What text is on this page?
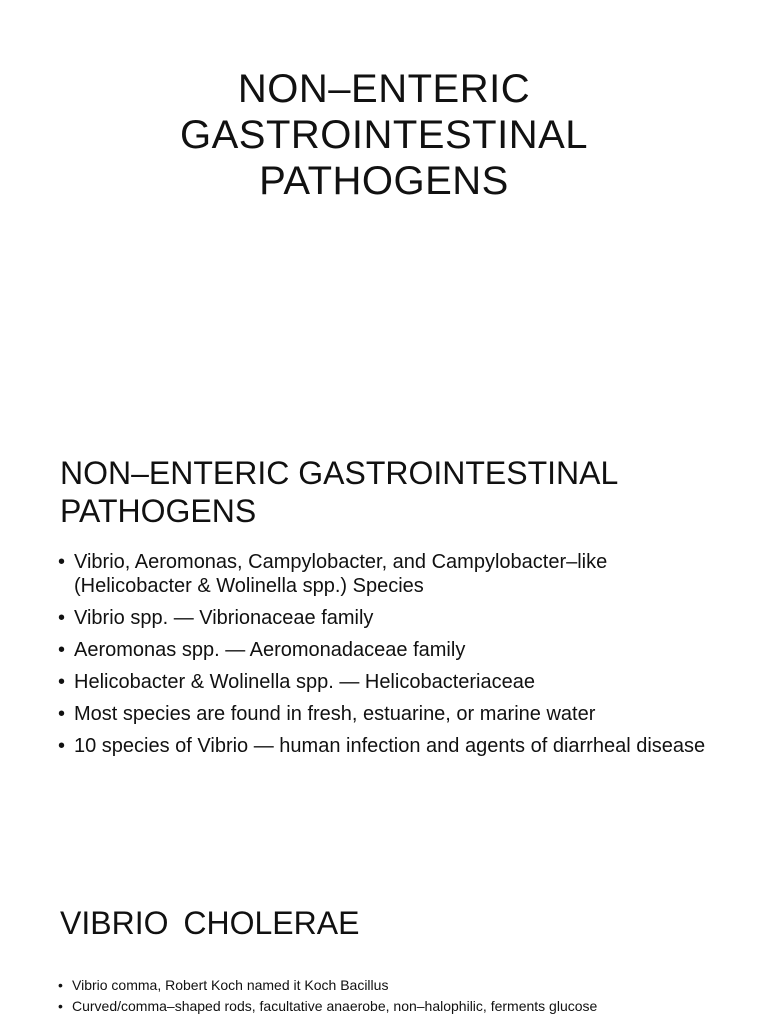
NON–ENTERIC
GASTROINTESTINAL
PATHOGENS
NON–ENTERIC GASTROINTESTINAL
PATHOGENS
• Vibrio, Aeromonas, Campylobacter, and Campylobacter–like (Helicobacter & Wolinella spp.) Species
• Vibrio spp. — Vibrionaceae family
• Aeromonas spp. — Aeromonadaceae family
• Helicobacter & Wolinella spp. — Helicobacteriaceae
• Most species are found in fresh, estuarine, or marine water
• 10 species of Vibrio — human infection and agents of diarrheal disease
VIBRIO CHOLERAE
• Vibrio comma, Robert Koch named it Koch Bacillus
• Curved/comma–shaped rods, facultative anaerobe, non–halophilic, ferments glucose
